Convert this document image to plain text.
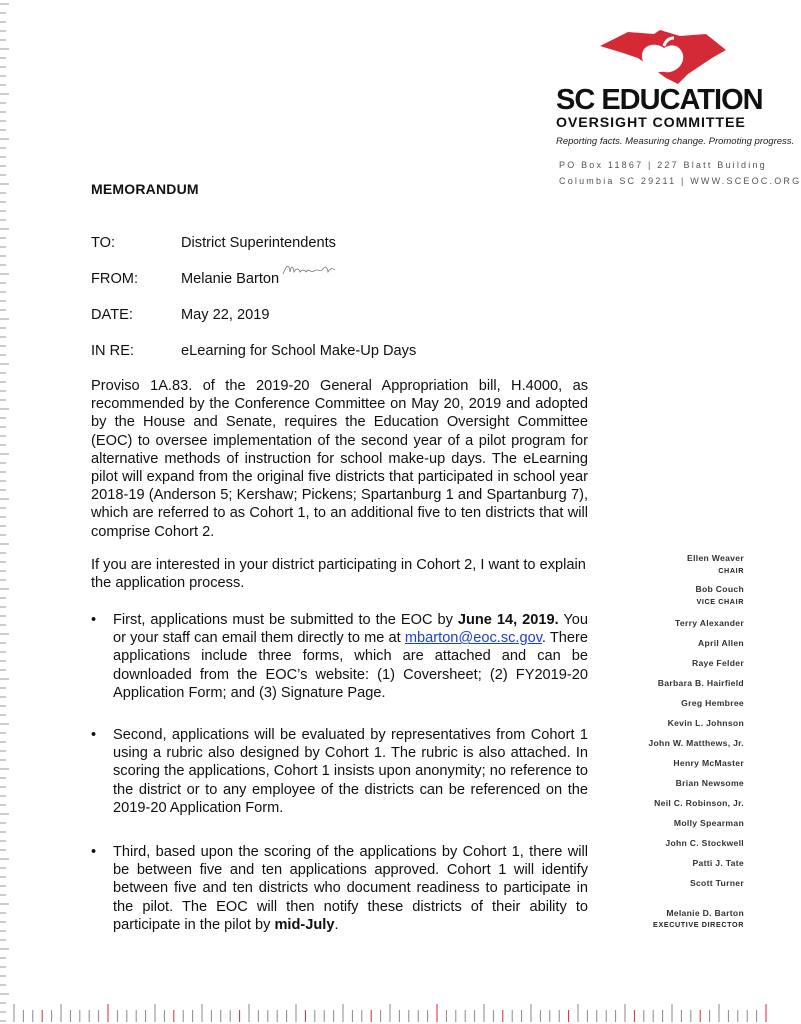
SC EDUCATION
OVERSIGHT COMMITTEE
Reporting facts. Measuring change. Promoting progress.
PO Box 11867 | 227 Blatt Building
Columbia SC 29211 | WWW.SCEOC.ORG
MEMORANDUM
TO:	District Superintendents
FROM:	Melanie Barton
DATE:	May 22, 2019
IN RE:	eLearning for School Make-Up Days

Proviso 1A.83. of the 2019-20 General Appropriation bill, H.4000, as recommended by the Conference Committee on May 20, 2019 and adopted by the House and Senate, requires the Education Oversight Committee (EOC) to oversee implementation of the second year of a pilot program for alternative methods of instruction for school make-up days. The eLearning pilot will expand from the original five districts that participated in school year 2018-19 (Anderson 5; Kershaw; Pickens; Spartanburg 1 and Spartanburg 7), which are referred to as Cohort 1, to an additional five to ten districts that will comprise Cohort 2.

If you are interested in your district participating in Cohort 2, I want to explain the application process.

• First, applications must be submitted to the EOC by June 14, 2019. You or your staff can email them directly to me at mbarton@eoc.sc.gov. There applications include three forms, which are attached and can be downloaded from the EOC’s website: (1) Coversheet; (2) FY2019-20 Application Form; and (3) Signature Page.
• Second, applications will be evaluated by representatives from Cohort 1 using a rubric also designed by Cohort 1. The rubric is also attached. In scoring the applications, Cohort 1 insists upon anonymity; no reference to the district or to any employee of the districts can be referenced on the 2019-20 Application Form.
• Third, based upon the scoring of the applications by Cohort 1, there will be between five and ten applications approved. Cohort 1 will identify between five and ten districts who document readiness to participate in the pilot. The EOC will then notify these districts of their ability to participate in the pilot by mid-July.
Ellen Weaver
CHAIR
Bob Couch
VICE CHAIR
Terry Alexander
April Allen
Raye Felder
Barbara B. Hairfield
Greg Hembree
Kevin L. Johnson
John W. Matthews, Jr.
Henry McMaster
Brian Newsome
Neil C. Robinson, Jr.
Molly Spearman
John C. Stockwell
Patti J. Tate
Scott Turner
Melanie D. Barton
EXECUTIVE DIRECTOR
